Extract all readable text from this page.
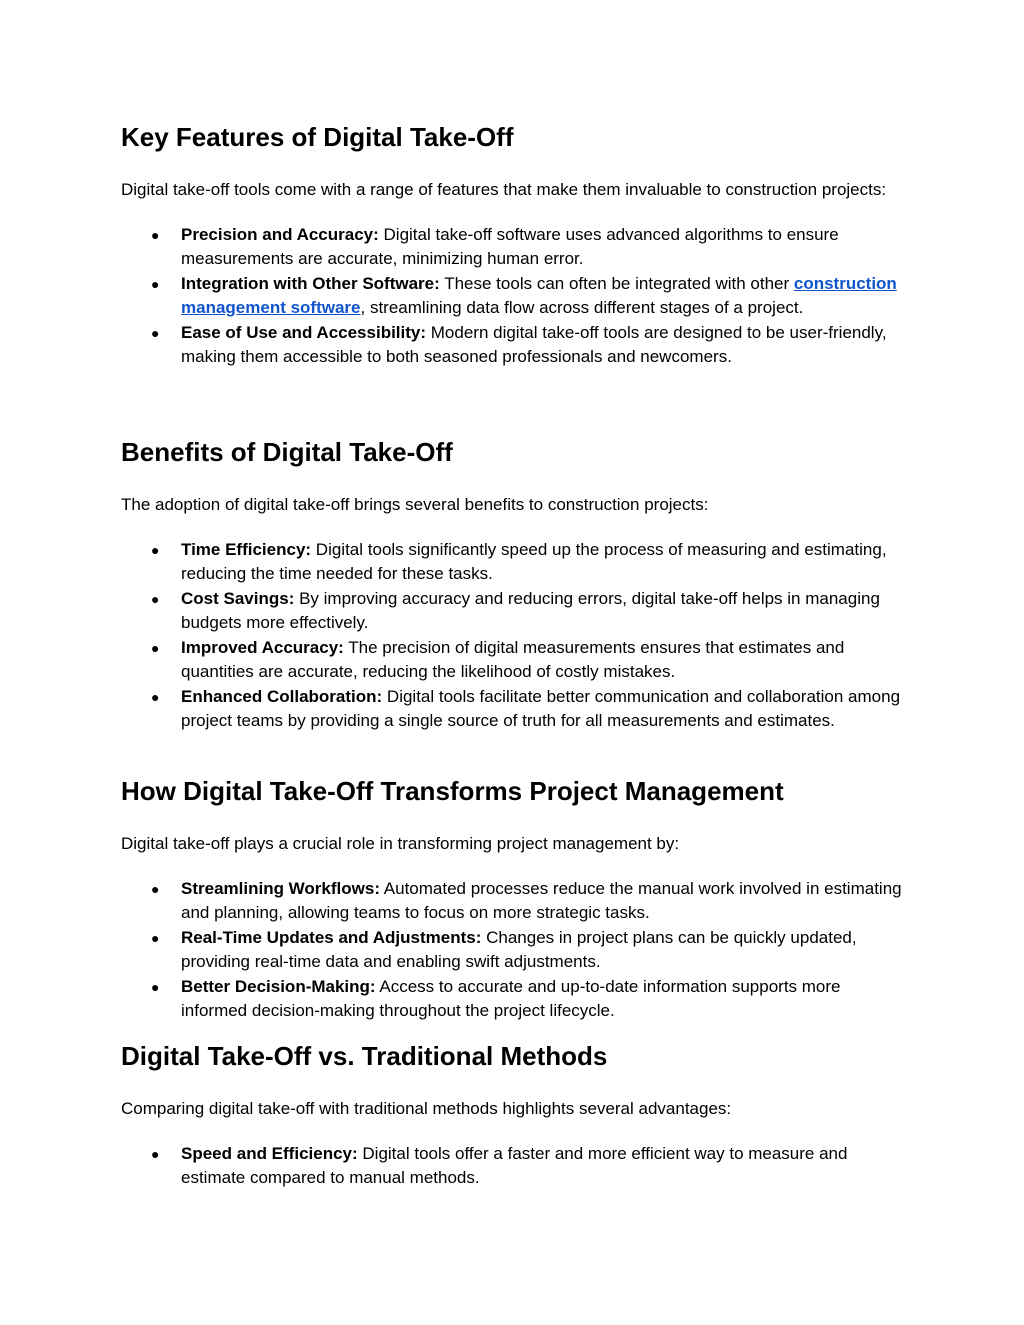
Key Features of Digital Take-Off

Digital take-off tools come with a range of features that make them invaluable to construction projects:

● Precision and Accuracy: Digital take-off software uses advanced algorithms to ensure measurements are accurate, minimizing human error.
● Integration with Other Software: These tools can often be integrated with other construction management software, streamlining data flow across different stages of a project.
● Ease of Use and Accessibility: Modern digital take-off tools are designed to be user-friendly, making them accessible to both seasoned professionals and newcomers.
Benefits of Digital Take-Off

The adoption of digital take-off brings several benefits to construction projects:

● Time Efficiency: Digital tools significantly speed up the process of measuring and estimating, reducing the time needed for these tasks.
● Cost Savings: By improving accuracy and reducing errors, digital take-off helps in managing budgets more effectively.
● Improved Accuracy: The precision of digital measurements ensures that estimates and quantities are accurate, reducing the likelihood of costly mistakes.
● Enhanced Collaboration: Digital tools facilitate better communication and collaboration among project teams by providing a single source of truth for all measurements and estimates.
How Digital Take-Off Transforms Project Management

Digital take-off plays a crucial role in transforming project management by:

● Streamlining Workflows: Automated processes reduce the manual work involved in estimating and planning, allowing teams to focus on more strategic tasks.
● Real-Time Updates and Adjustments: Changes in project plans can be quickly updated, providing real-time data and enabling swift adjustments.
● Better Decision-Making: Access to accurate and up-to-date information supports more informed decision-making throughout the project lifecycle.
Digital Take-Off vs. Traditional Methods

Comparing digital take-off with traditional methods highlights several advantages:

● Speed and Efficiency: Digital tools offer a faster and more efficient way to measure and estimate compared to manual methods.
